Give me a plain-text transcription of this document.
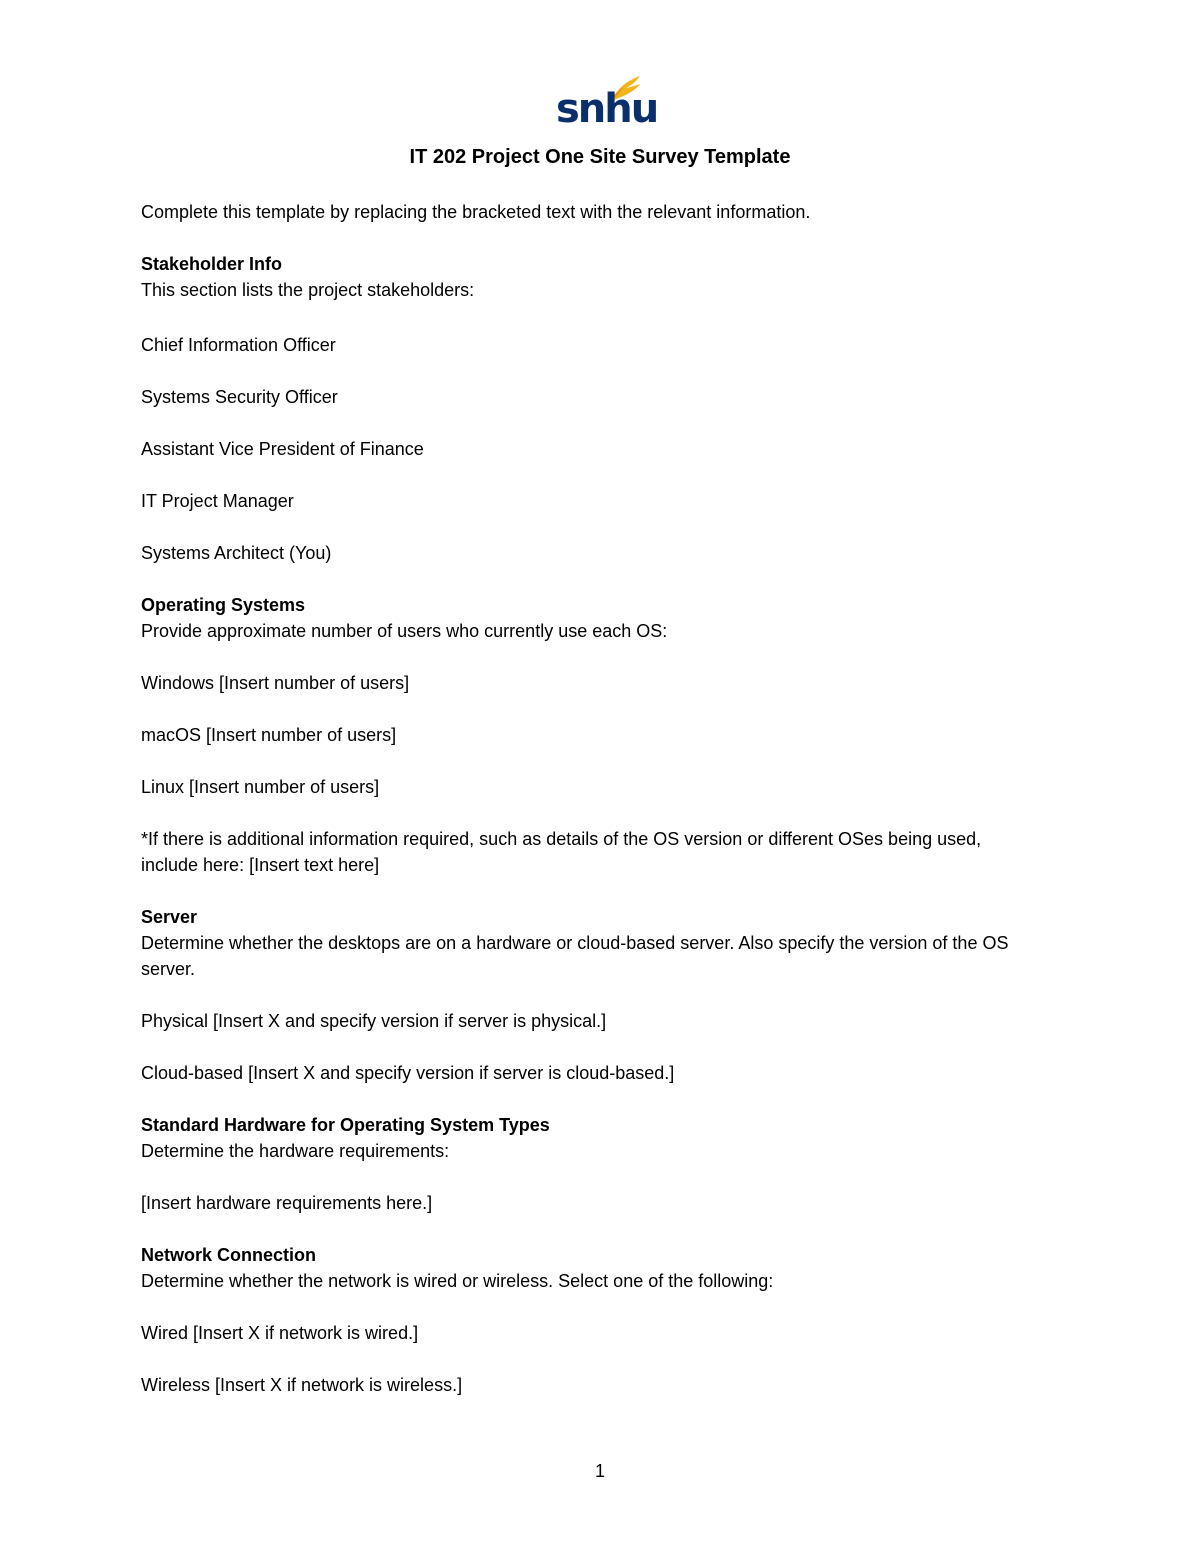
snhu
IT 202 Project One Site Survey Template

Complete this template by replacing the bracketed text with the relevant information.

Stakeholder Info

This section lists the project stakeholders:

Chief Information Officer

Systems Security Officer

Assistant Vice President of Finance

IT Project Manager

Systems Architect (You)

Operating Systems

Provide approximate number of users who currently use each OS:

Windows [Insert number of users]

macOS [Insert number of users]

Linux [Insert number of users]

*If there is additional information required, such as details of the OS version or different OSes being used, include here: [Insert text here]

Server

Determine whether the desktops are on a hardware or cloud-based server. Also specify the version of the OS server.

Physical [Insert X and specify version if server is physical.]

Cloud-based [Insert X and specify version if server is cloud-based.]

Standard Hardware for Operating System Types

Determine the hardware requirements:

[Insert hardware requirements here.]

Network Connection

Determine whether the network is wired or wireless. Select one of the following:

Wired [Insert X if network is wired.]

Wireless [Insert X if network is wireless.]

1
